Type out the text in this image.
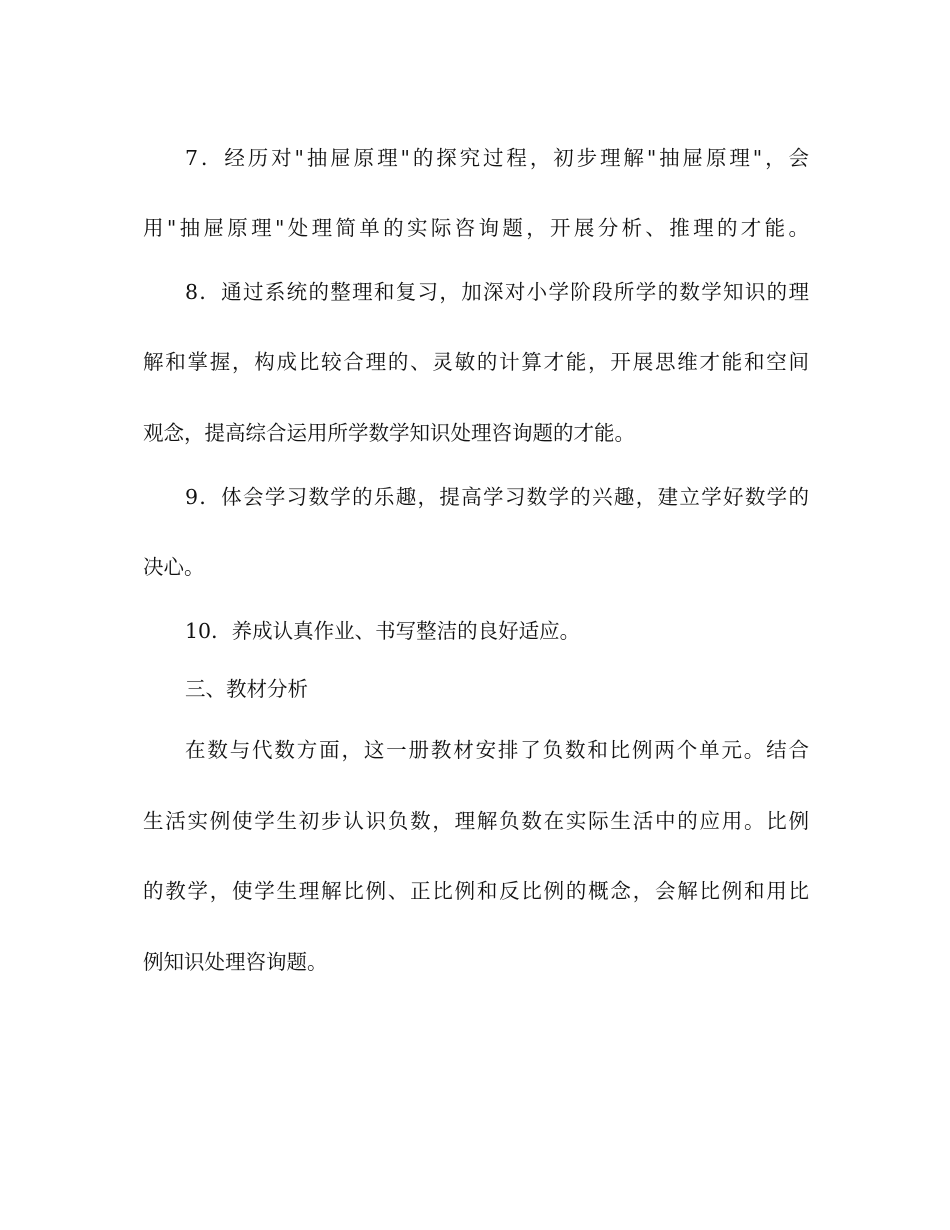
7．经历对"抽屉原理"的探究过程，初步理解"抽屉原理"，会
用"抽屉原理"处理简单的实际咨询题，开展分析、推理的才能。
8．通过系统的整理和复习，加深对小学阶段所学的数学知识的理
解和掌握，构成比较合理的、灵敏的计算才能，开展思维才能和空间
观念，提高综合运用所学数学知识处理咨询题的才能。
9．体会学习数学的乐趣，提高学习数学的兴趣，建立学好数学的
决心。
10．养成认真作业、书写整洁的良好适应。
三、教材分析
在数与代数方面，这一册教材安排了负数和比例两个单元。结合
生活实例使学生初步认识负数，理解负数在实际生活中的应用。比例
的教学，使学生理解比例、正比例和反比例的概念，会解比例和用比
例知识处理咨询题。
